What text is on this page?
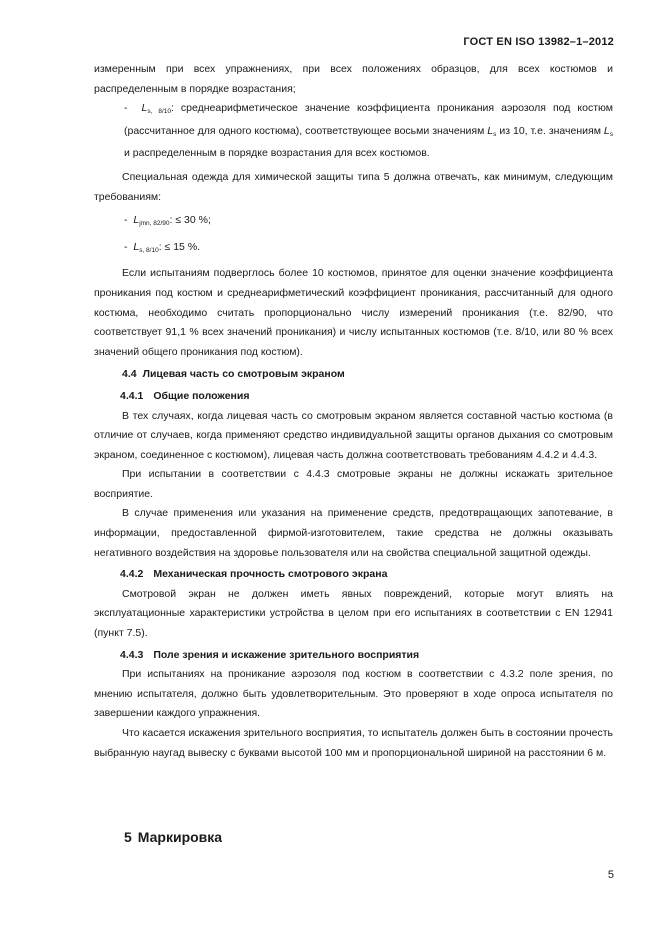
ГОСТ EN ISO 13982–1–2012

измеренным при всех упражнениях, при всех положениях образцов, для всех костюмов и распределенным в порядке возрастания;

- $L_{s, 8/10}$: среднеарифметическое значение коэффициента проникания аэрозоля под костюм (рассчитанное для одного костюма), соответствующее восьми значениям $L_s$ из 10, т.е. значениям $L_s$ и распределенным в порядке возрастания для всех костюмов.

Специальная одежда для химической защиты типа 5 должна отвечать, как минимум, следующим требованиям:

- $L_{jmn, 82/90}$: ≤ 30 %;

- $L_{s, 8/10}$: ≤ 15 %.

Если испытаниям подверглось более 10 костюмов, принятое для оценки значение коэффициента проникания под костюм и среднеарифметический коэффициент проникания, рассчитанный для одного костюма, необходимо считать пропорционально числу измерений проникания (т.е. 82/90, что соответствует 91,1 % всех значений проникания) и числу испытанных костюмов (т.е. 8/10, или 80 % всех значений общего проникания под костюм).

4.4 Лицевая часть со смотровым экраном

4.4.1 Общие положения

В тех случаях, когда лицевая часть со смотровым экраном является составной частью костюма (в отличие от случаев, когда применяют средство индивидуальной защиты органов дыхания со смотровым экраном, соединенное с костюмом), лицевая часть должна соответствовать требованиям 4.4.2 и 4.4.3.

При испытании в соответствии с 4.4.3 смотровые экраны не должны искажать зрительное восприятие.

В случае применения или указания на применение средств, предотвращающих запотевание, в информации, предоставленной фирмой-изготовителем, такие средства не должны оказывать негативного воздействия на здоровье пользователя или на свойства специальной защитной одежды.

4.4.2 Механическая прочность смотрового экрана

Смотровой экран не должен иметь явных повреждений, которые могут влиять на эксплуатационные характеристики устройства в целом при его испытаниях в соответствии с EN 12941 (пункт 7.5).

4.4.3 Поле зрения и искажение зрительного восприятия

При испытаниях на проникание аэрозоля под костюм в соответствии с 4.3.2 поле зрения, по мнению испытателя, должно быть удовлетворительным. Это проверяют в ходе опроса испытателя по завершении каждого упражнения.

Что касается искажения зрительного восприятия, то испытатель должен быть в состоянии прочесть выбранную наугад вывеску с буквами высотой 100 мм и пропорциональной шириной на расстоянии 6 м.

5 Маркировка
5
